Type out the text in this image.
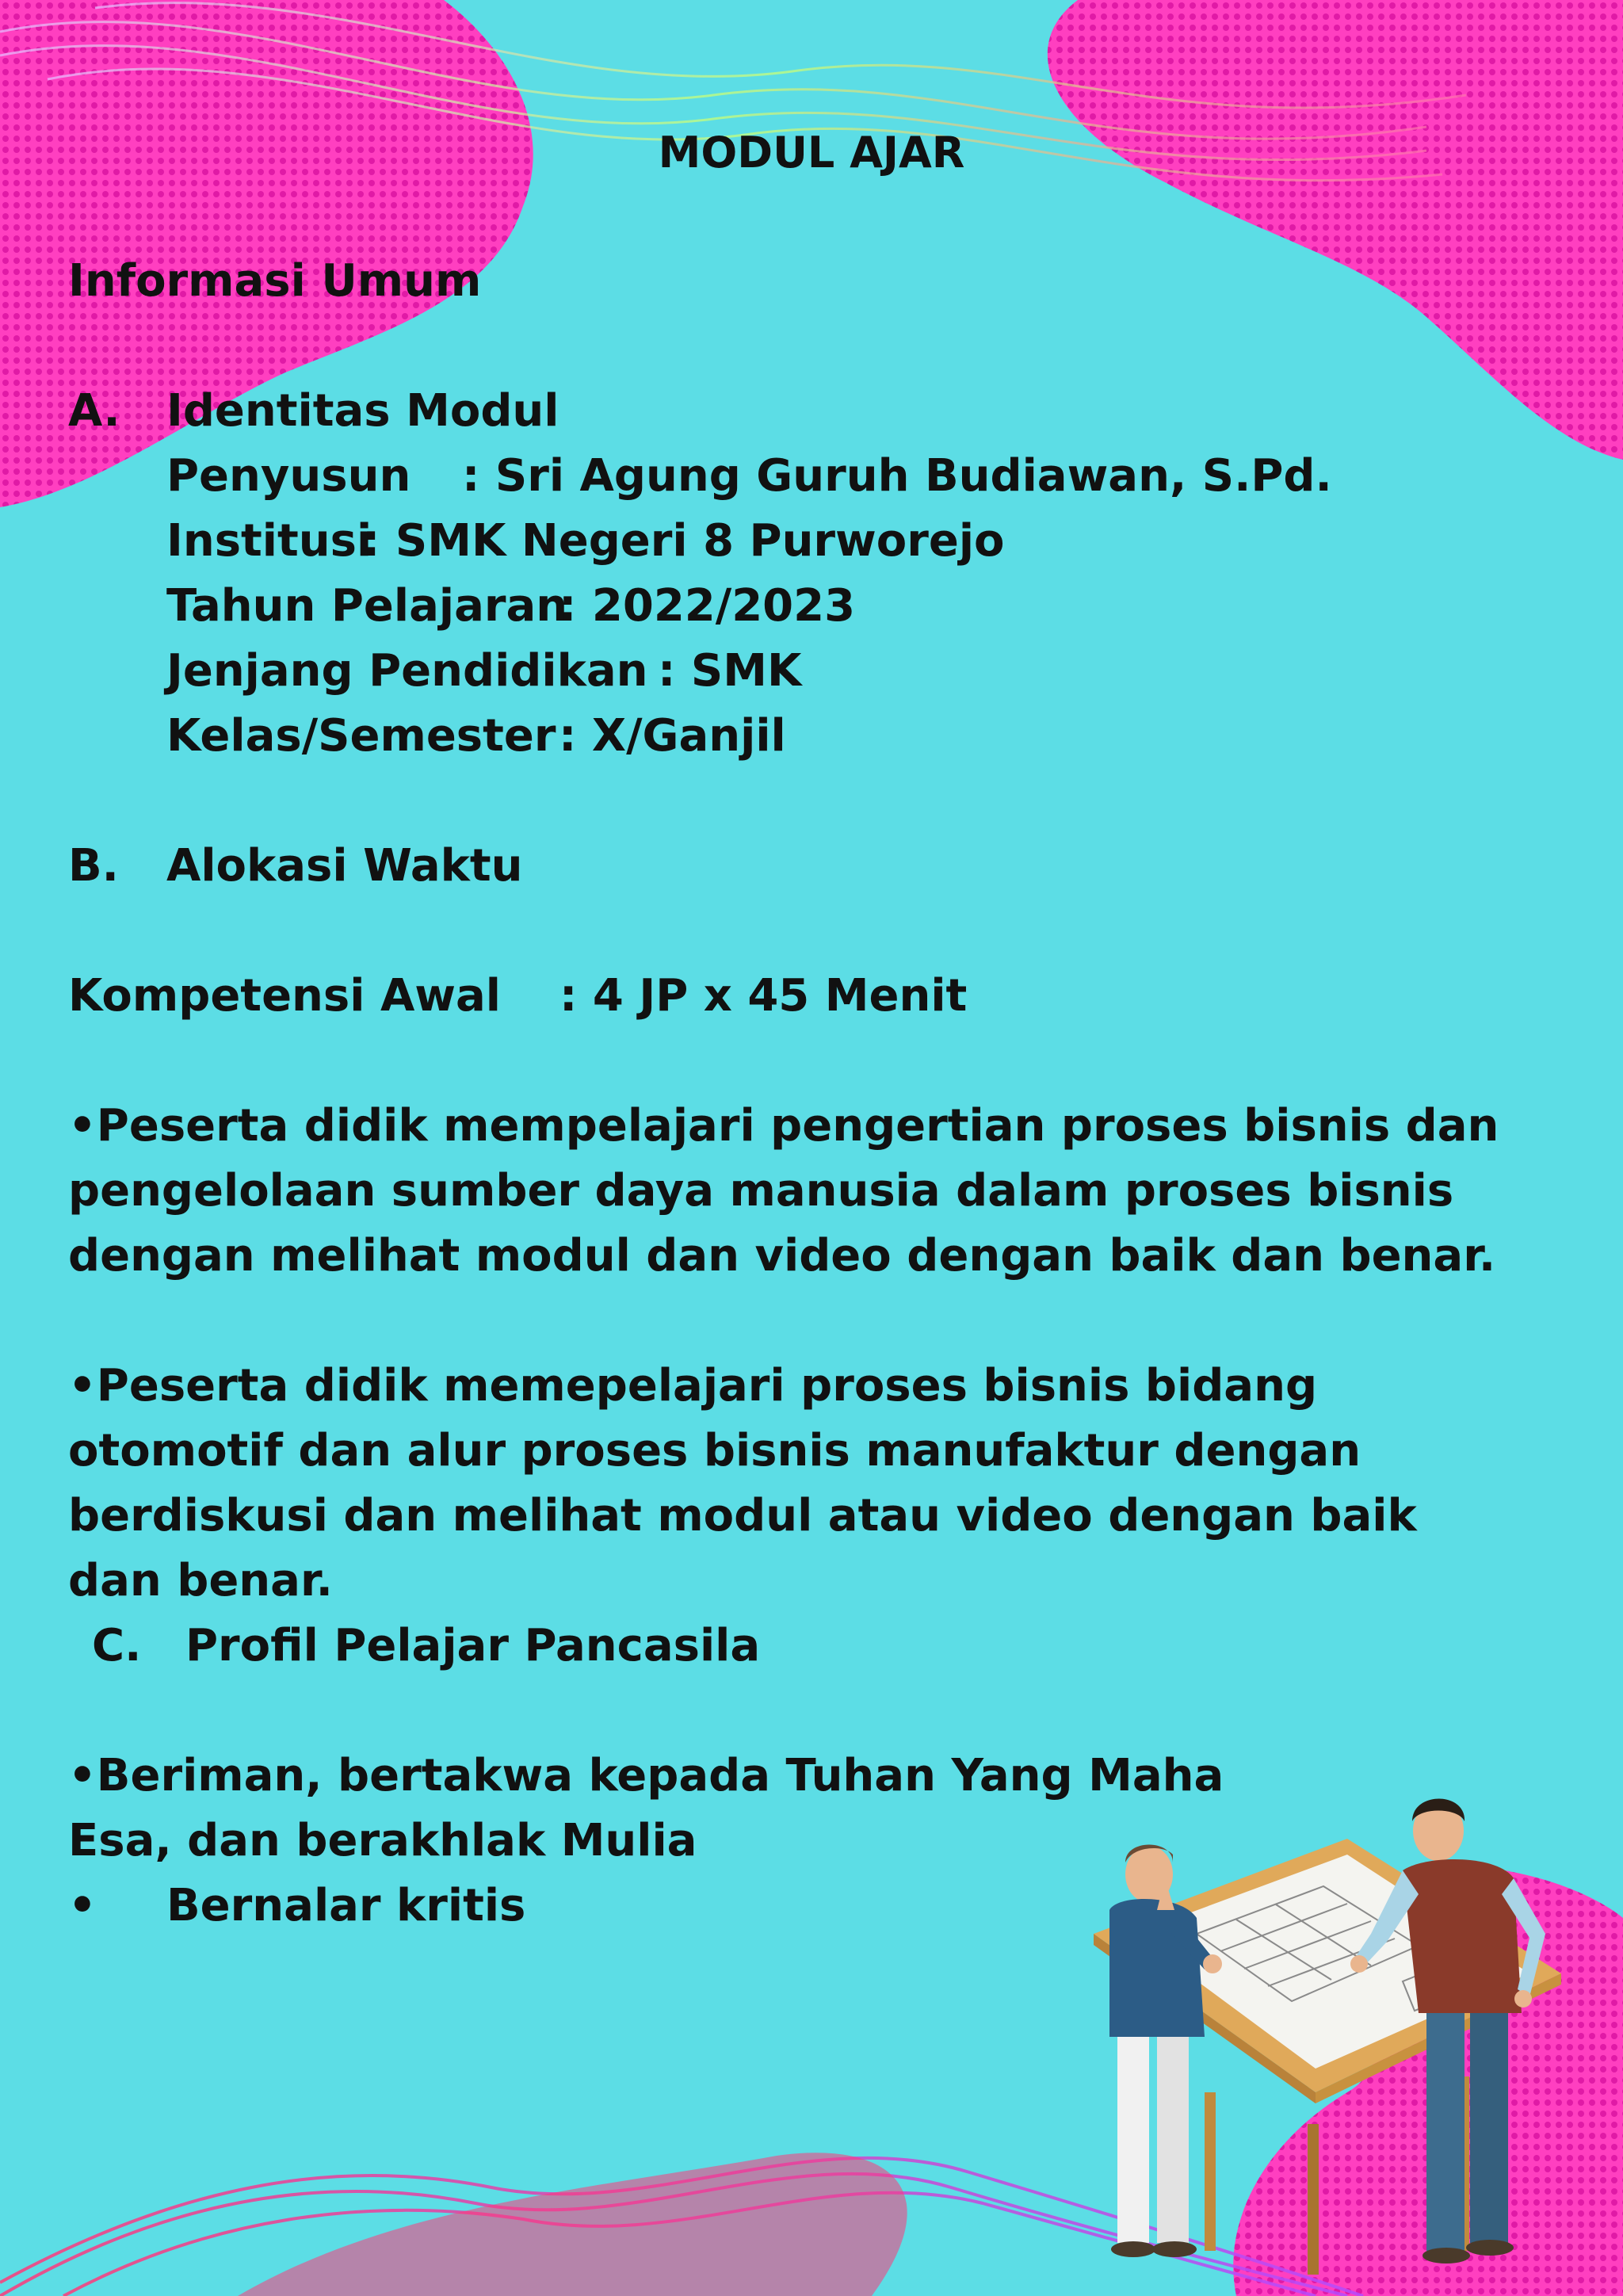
MODUL AJAR
Informasi Umum
A. Identitas Modul
Penyusun : Sri Agung Guruh Budiawan, S.Pd.
Institusi: SMK Negeri 8 Purworejo
Tahun Pelajaran: 2022/2023
Jenjang Pendidikan : SMK
Kelas/Semester: X/Ganjil
B. Alokasi Waktu
Kompetensi Awal : 4 JP x 45 Menit
•Peserta didik mempelajari pengertian proses bisnis dan pengelolaan sumber daya manusia dalam proses bisnis dengan melihat modul dan video dengan baik dan benar.
•Peserta didik memepelajari proses bisnis bidang otomotif dan alur proses bisnis manufaktur dengan berdiskusi dan melihat modul atau video dengan baik dan benar.
C. Profil Pelajar Pancasila
•Beriman, bertakwa kepada Tuhan Yang Maha Esa, dan berakhlak Mulia
• Bernalar kritis
